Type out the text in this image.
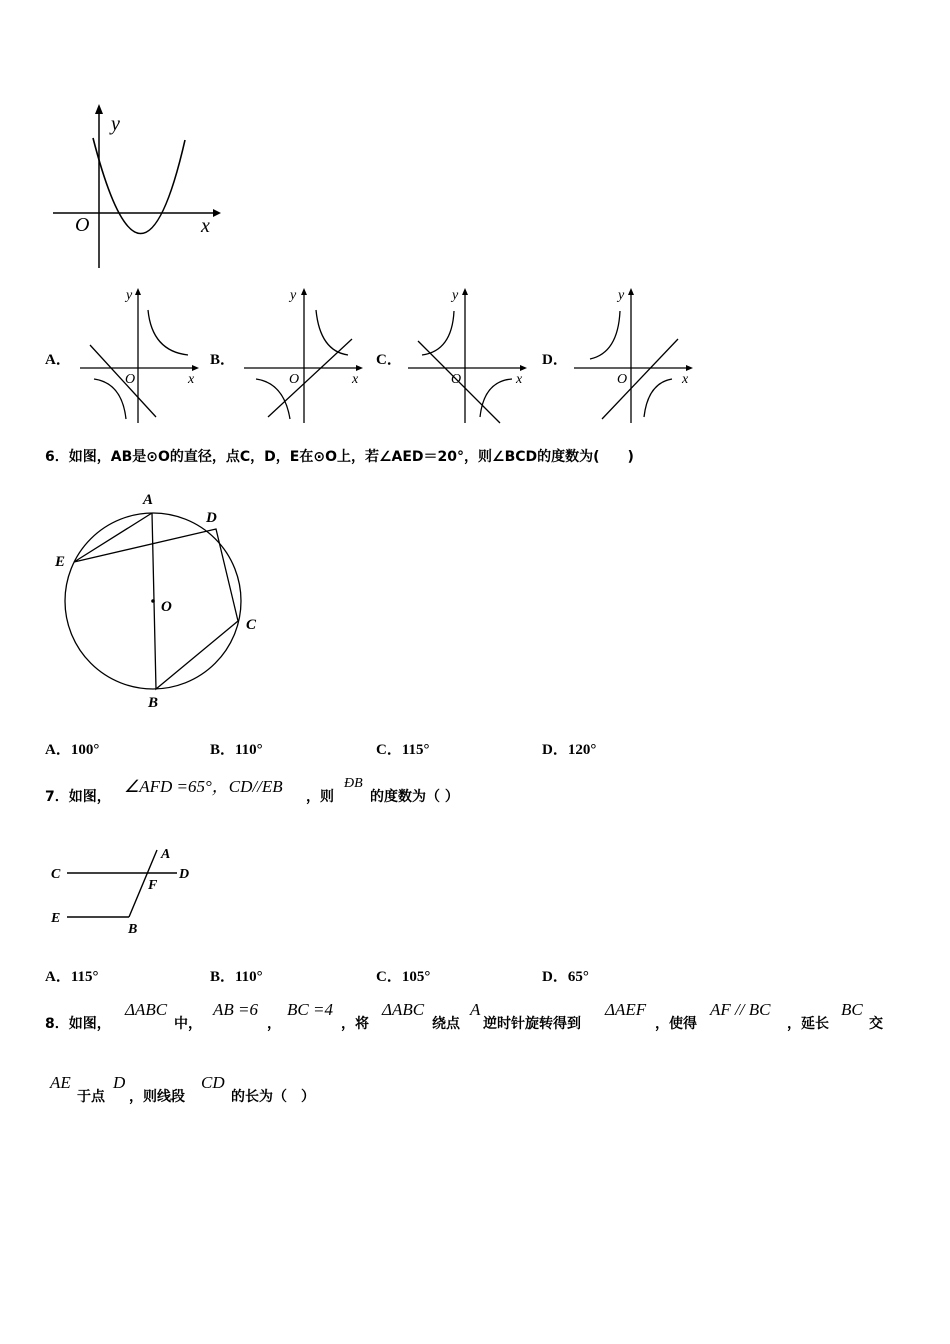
y
x
O
A．
y
x
O
B．
y
x
O
C．
y
x
O
D．
y
x
O
6．如图，AB是⊙O的直径，点C，D，E在⊙O上，若∠AED＝20°，则∠BCD的度数为(　　)
A
D
E
O
C
B
A．100°	B．110°	C．115°	D．120°
7．如图，
∠AFD =65°，CD//EB
，则
ÐB
的度数为（ ）
A
C	D
F
E
B
A．115°	B．110°	C．105°	D．65°
8．如图，
ΔABC
中，
AB =6
，
BC =4
，将
ΔABC
绕点
A
逆时针旋转得到
ΔAEF
，使得
AF // BC
，延长
BC
交
AE
于点
D
，则线段
CD
的长为（　）
